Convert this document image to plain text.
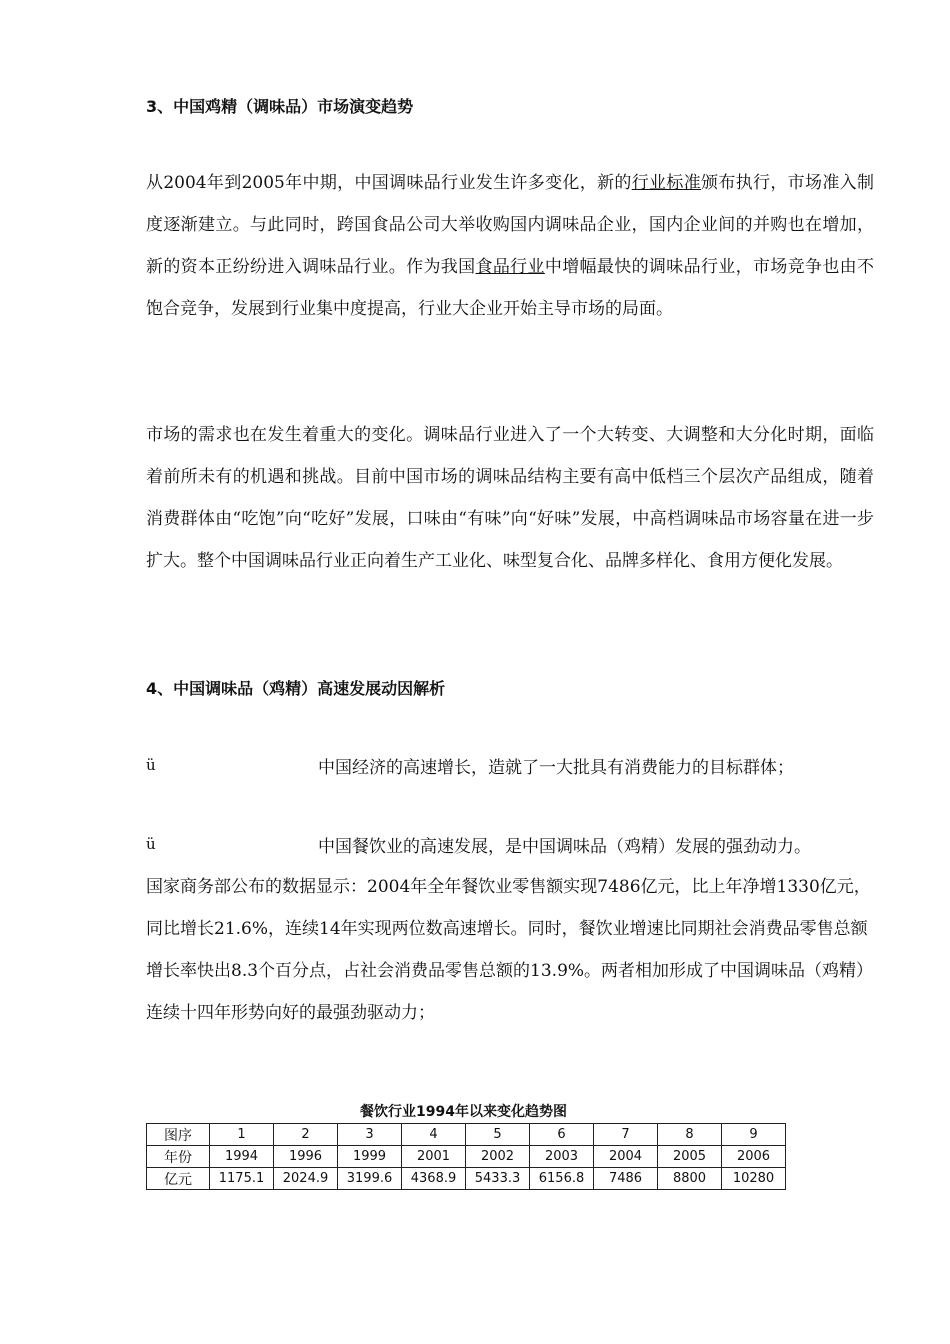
3、中国鸡精（调味品）市场演变趋势
从2004年到2005年中期，中国调味品行业发生许多变化，新的行业标准颁布执行，市场准入制度逐渐建立。与此同时，跨国食品公司大举收购国内调味品企业，国内企业间的并购也在增加，新的资本正纷纷进入调味品行业。作为我国食品行业中增幅最快的调味品行业，市场竞争也由不饱合竞争，发展到行业集中度提高，行业大企业开始主导市场的局面。
市场的需求也在发生着重大的变化。调味品行业进入了一个大转变、大调整和大分化时期，面临着前所未有的机遇和挑战。目前中国市场的调味品结构主要有高中低档三个层次产品组成，随着消费群体由“吃饱”向“吃好”发展，口味由“有味”向“好味”发展，中高档调味品市场容量在进一步扩大。整个中国调味品行业正向着生产工业化、味型复合化、品牌多样化、食用方便化发展。
4、中国调味品（鸡精）高速发展动因解析
ü	中国经济的高速增长，造就了一大批具有消费能力的目标群体；
ü	中国餐饮业的高速发展，是中国调味品（鸡精）发展的强劲动力。
国家商务部公布的数据显示：2004年全年餐饮业零售额实现7486亿元，比上年净增1330亿元，同比增长21.6%，连续14年实现两位数高速增长。同时，餐饮业增速比同期社会消费品零售总额增长率快出8.3个百分点，占社会消费品零售总额的13.9%。两者相加形成了中国调味品（鸡精）连续十四年形势向好的最强劲驱动力；
餐饮行业1994年以来变化趋势图
图序	1	2	3	4	5	6	7	8	9
年份	1994	1996	1999	2001	2002	2003	2004	2005	2006
亿元	1175.1	2024.9	3199.6	4368.9	5433.3	6156.8	7486	8800	10280
